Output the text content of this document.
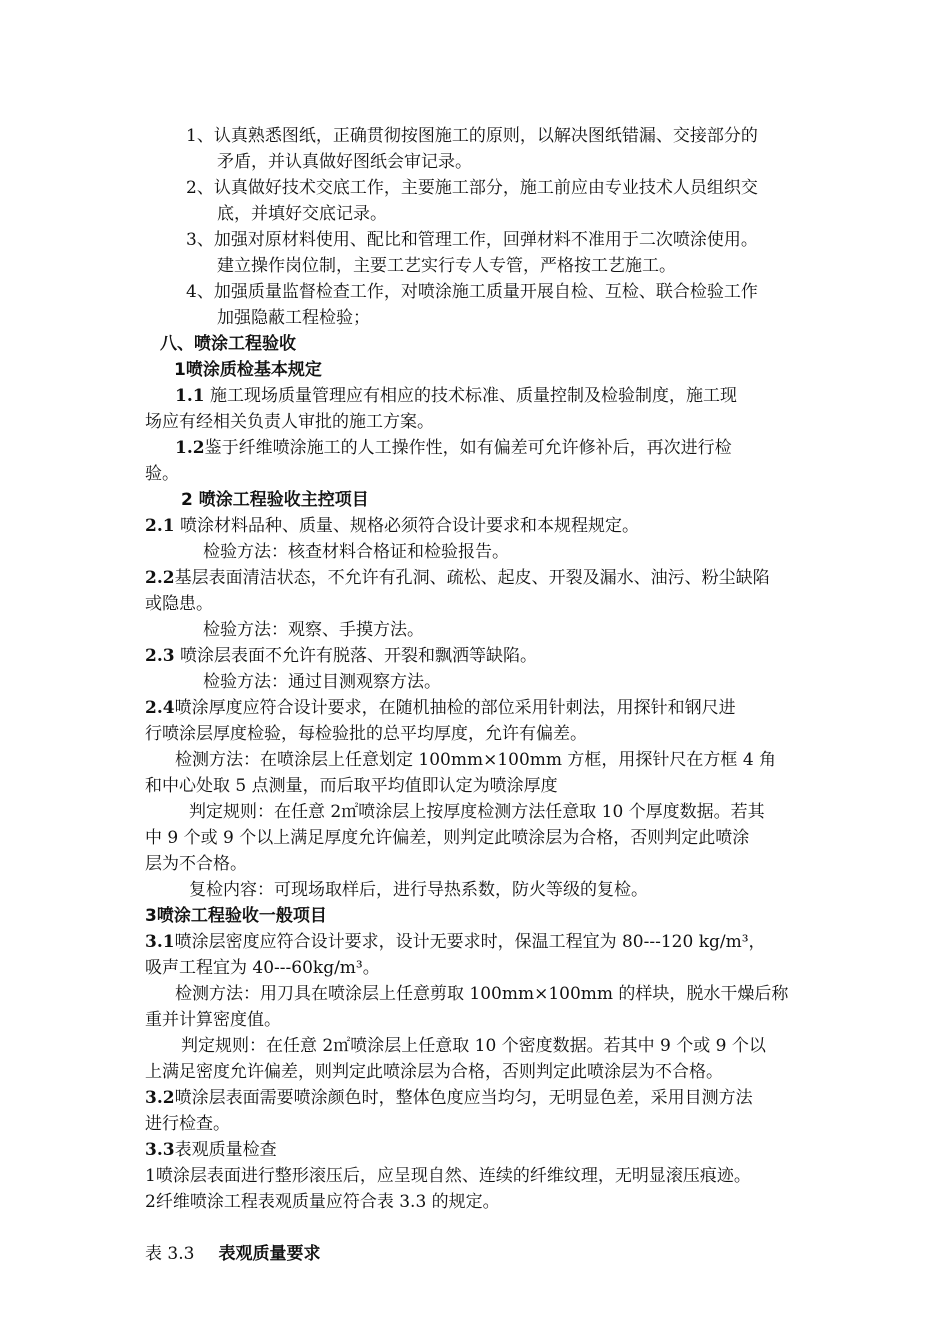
1、认真熟悉图纸，正确贯彻按图施工的原则，以解决图纸错漏、交接部分的
矛盾，并认真做好图纸会审记录。
2、认真做好技术交底工作，主要施工部分，施工前应由专业技术人员组织交
底，并填好交底记录。
3、加强对原材料使用、配比和管理工作，回弹材料不准用于二次喷涂使用。
建立操作岗位制，主要工艺实行专人专管，严格按工艺施工。
4、加强质量监督检查工作，对喷涂施工质量开展自检、互检、联合检验工作
加强隐蔽工程检验；
八、喷涂工程验收
1喷涂质检基本规定
1.1 施工现场质量管理应有相应的技术标准、质量控制及检验制度，施工现
场应有经相关负责人审批的施工方案。
1.2鉴于纤维喷涂施工的人工操作性，如有偏差可允许修补后，再次进行检
验。
2 喷涂工程验收主控项目
2.1 喷涂材料品种、质量、规格必须符合设计要求和本规程规定。
检验方法：核查材料合格证和检验报告。
2.2基层表面清洁状态，不允许有孔洞、疏松、起皮、开裂及漏水、油污、粉尘缺陷
或隐患。
检验方法：观察、手摸方法。
2.3 喷涂层表面不允许有脱落、开裂和飘洒等缺陷。
检验方法：通过目测观察方法。
2.4喷涂厚度应符合设计要求，在随机抽检的部位采用针刺法，用探针和钢尺进
行喷涂层厚度检验，每检验批的总平均厚度，允许有偏差。
检测方法：在喷涂层上任意划定 100mm×100mm 方框，用探针尺在方框 4 角
和中心处取 5 点测量，而后取平均值即认定为喷涂厚度
判定规则：在任意 2㎡喷涂层上按厚度检测方法任意取 10 个厚度数据。若其
中 9 个或 9 个以上满足厚度允许偏差，则判定此喷涂层为合格，否则判定此喷涂
层为不合格。
复检内容：可现场取样后，进行导热系数，防火等级的复检。
3喷涂工程验收一般项目
3.1喷涂层密度应符合设计要求，设计无要求时，保温工程宜为 80---120 kg/m³，
吸声工程宜为 40---60kg/m³。
检测方法：用刀具在喷涂层上任意剪取 100mm×100mm 的样块，脱水干燥后称
重并计算密度值。
判定规则：在任意 2㎡喷涂层上任意取 10 个密度数据。若其中 9 个或 9 个以
上满足密度允许偏差，则判定此喷涂层为合格，否则判定此喷涂层为不合格。
3.2喷涂层表面需要喷涂颜色时，整体色度应当均匀，无明显色差，采用目测方法
进行检查。
3.3表观质量检查
1喷涂层表面进行整形滚压后，应呈现自然、连续的纤维纹理，无明显滚压痕迹。
2纤维喷涂工程表观质量应符合表 3.3 的规定。
表 3.3 表观质量要求
